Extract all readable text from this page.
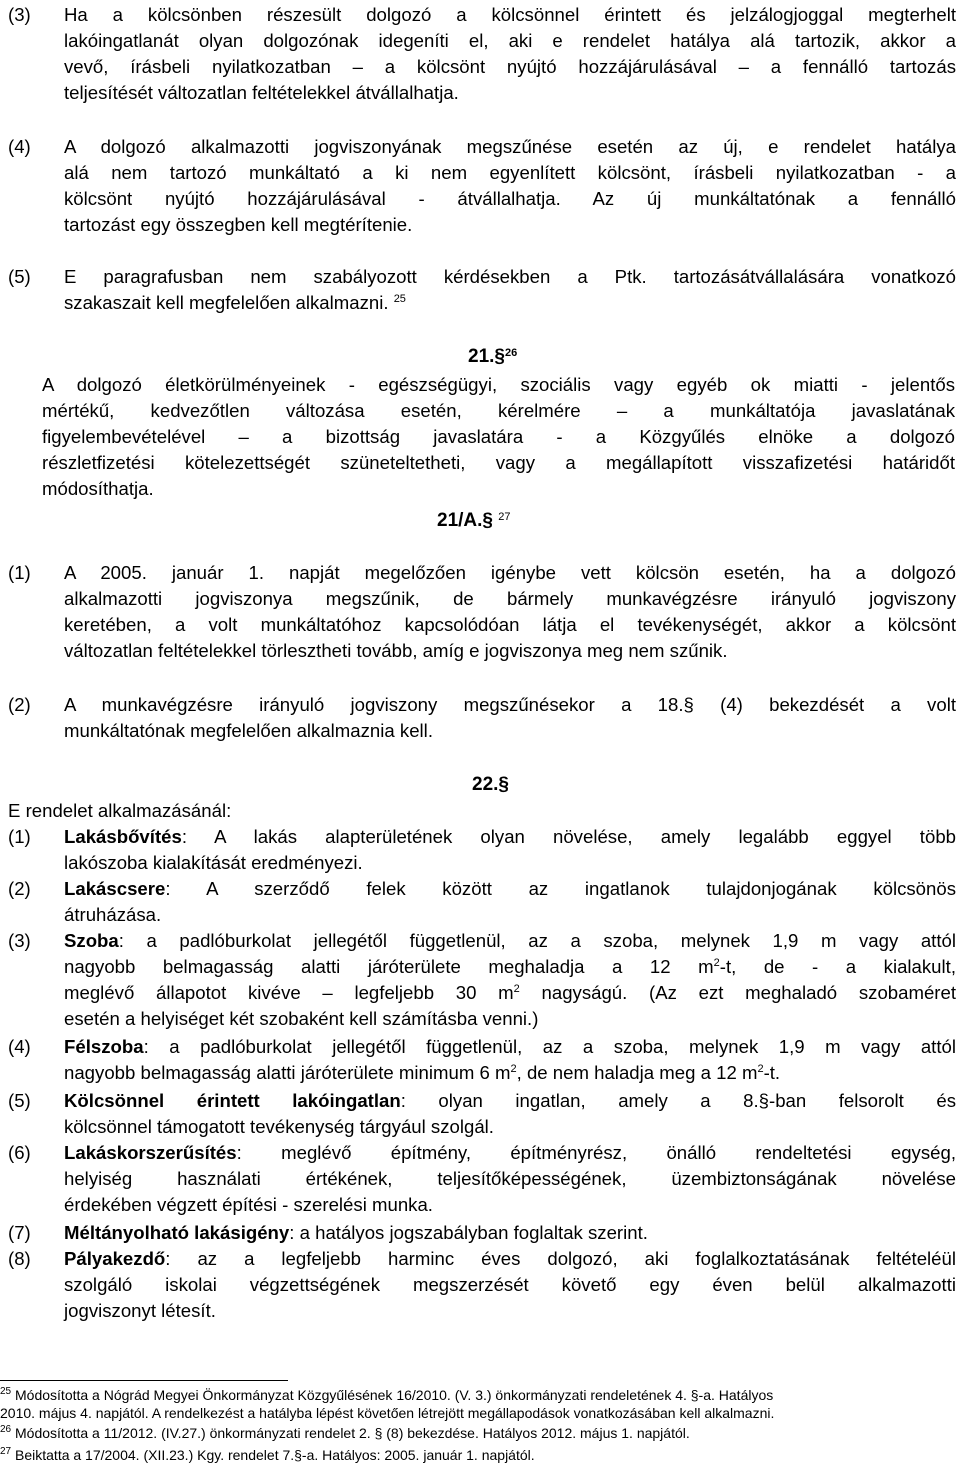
(3)	Ha a kölcsönben részesült dolgozó a kölcsönnel érintett és jelzálogjoggal megterhelt
lakóingatlanát olyan dolgozónak idegeníti el, aki e rendelet hatálya alá tartozik, akkor a
vevő, írásbeli nyilatkozatban – a kölcsönt nyújtó hozzájárulásával – a fennálló tartozás
teljesítését változatlan feltételekkel átvállalhatja.
(4)	A dolgozó alkalmazotti jogviszonyának megszűnése esetén az új, e rendelet hatálya
alá nem tartozó munkáltató a ki nem egyenlített kölcsönt, írásbeli nyilatkozatban - a
kölcsönt nyújtó hozzájárulásával - átvállalhatja. Az új munkáltatónak a fennálló
tartozást egy összegben kell megtérítenie.
(5)	E paragrafusban nem szabályozott kérdésekben a Ptk. tartozásátvállalására vonatkozó
szakaszait kell megfelelően alkalmazni. $^{25}$
21.§$^{26}$
A dolgozó életkörülményeinek - egészségügyi, szociális vagy egyéb ok miatti - jelentős
mértékű, kedvezőtlen változása esetén, kérelmére – a munkáltatója javaslatának
figyelembevételével – a bizottság javaslatára - a Közgyűlés elnöke a dolgozó
részletfizetési kötelezettségét szüneteltetheti, vagy a megállapított visszafizetési határidőt
módosíthatja.
21/A.§ $^{27}$
(1)	A 2005. január 1. napját megelőzően igénybe vett kölcsön esetén, ha a dolgozó
alkalmazotti jogviszonya megszűnik, de bármely munkavégzésre irányuló jogviszony
keretében, a volt munkáltatóhoz kapcsolódóan látja el tevékenységét, akkor a kölcsönt
változatlan feltételekkel törlesztheti tovább, amíg e jogviszonya meg nem szűnik.
(2)	A munkavégzésre irányuló jogviszony megszűnésekor a 18.§ (4) bekezdését a volt
munkáltatónak megfelelően alkalmaznia kell.
22.§
E rendelet alkalmazásánál:
(1)	Lakásbővítés: A lakás alapterületének olyan növelése, amely legalább eggyel több
lakószoba kialakítását eredményezi.
(2)	Lakáscsere: A szerződő felek között az ingatlanok tulajdonjogának kölcsönös
átruházása.
(3)	Szoba: a padlóburkolat jellegétől függetlenül, az a szoba, melynek 1,9 m vagy attól
nagyobb belmagasság alatti járóterülete meghaladja a 12 $m^2-t$, de - a kialakult,
meglévő állapotot kivéve – legfeljebb 30 $m^2$ nagyságú. (Az ezt meghaladó szobaméret
esetén a helyiséget két szobaként kell számításba venni.)
(4)	Félszoba: a padlóburkolat jellegétől függetlenül, az a szoba, melynek 1,9 m vagy attól
nagyobb belmagasság alatti járóterülete minimum 6 $m^2$, de nem haladja meg a 12 $m^2-t$.
(5)	Kölcsönnel érintett lakóingatlan: olyan ingatlan, amely a 8.§-ban felsorolt és
kölcsönnel támogatott tevékenység tárgyául szolgál.
(6)	Lakáskorszerűsítés: meglévő építmény, építményrész, önálló rendeltetési egység,
helyiség használati értékének, teljesítőképességének, üzembiztonságának növelése
érdekében végzett építési - szerelési munka.
(7)	Méltányolható lakásigény: a hatályos jogszabályban foglaltak szerint.
(8)	Pályakezdő: az a legfeljebb harminc éves dolgozó, aki foglalkoztatásának feltételéül
szolgáló iskolai végzettségének megszerzését követő egy éven belül alkalmazotti
jogviszonyt létesít.
$^{25}$ Módosította a Nógrád Megyei Önkormányzat Közgyűlésének 16/2010. (V. 3.) önkormányzati rendeletének 4. §-a. Hatályos
2010. május 4. napjától. A rendelkezést a hatályba lépést követően létrejött megállapodások vonatkozásában kell alkalmazni.
$^{26}$ Módosította a 11/2012. (IV.27.) önkormányzati rendelet 2. § (8) bekezdése. Hatályos 2012. május 1. napjától.
$^{27}$ Beiktatta a 17/2004. (XII.23.) Kgy. rendelet 7.§-a. Hatályos: 2005. január 1. napjától.
